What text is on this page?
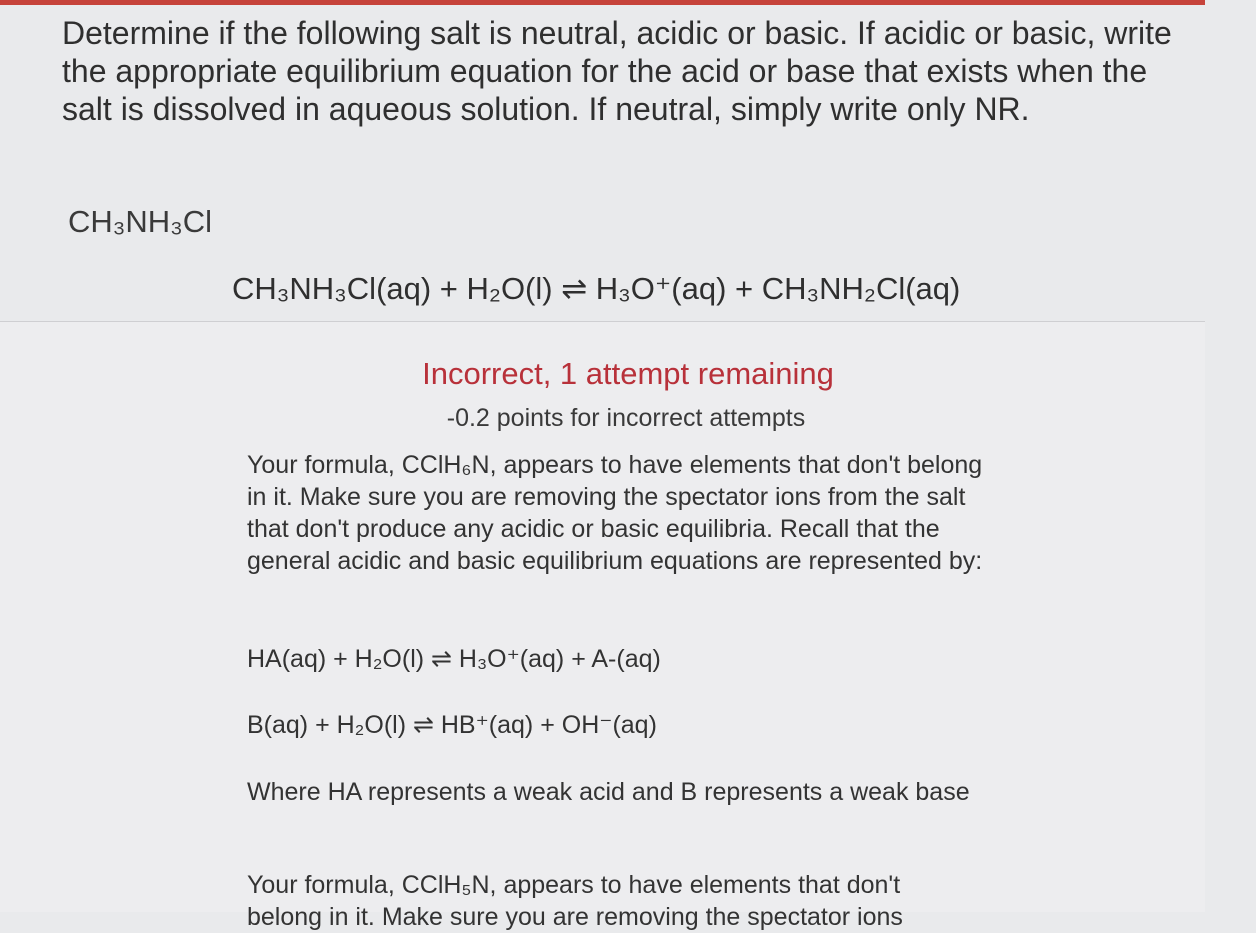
Determine if the following salt is neutral, acidic or basic. If acidic or basic, write the appropriate equilibrium equation for the acid or base that exists when the salt is dissolved in aqueous solution. If neutral, simply write only NR.

CH₃NH₃Cl
CH₃NH₃Cl(aq) + H₂O(l) ⇌ H₃O⁺(aq) + CH₃NH₂Cl(aq)
Incorrect, 1 attempt remaining
-0.2 points for incorrect attempts

Your formula, CClH₆N, appears to have elements that don't belong in it. Make sure you are removing the spectator ions from the salt that don't produce any acidic or basic equilibria. Recall that the general acidic and basic equilibrium equations are represented by:

HA(aq) + H₂O(l) ⇌ H₃O⁺(aq) + A-(aq)

B(aq) + H₂O(l) ⇌ HB⁺(aq) + OH⁻(aq)

Where HA represents a weak acid and B represents a weak base

Your formula, CClH₅N, appears to have elements that don't

belong in it. Make sure you are removing the spectator ions
